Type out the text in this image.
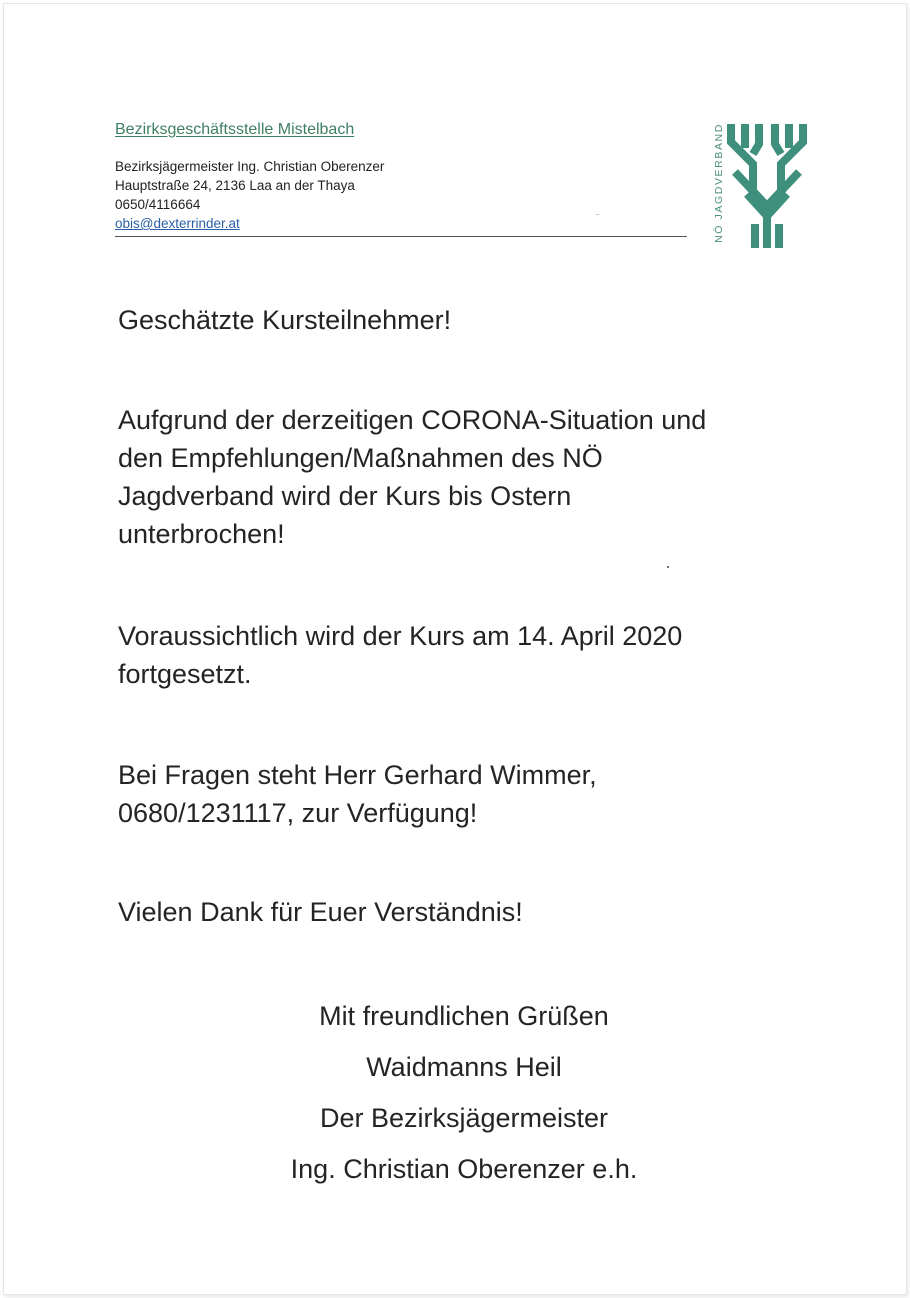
Bezirksgeschäftsstelle Mistelbach
Bezirksjägermeister Ing. Christian Oberenzer
Hauptstraße 24, 2136 Laa an der Thaya
0650/4116664
obis@dexterrinder.at	NÖ JAGDVERBAND
Geschätzte Kursteilnehmer!
Aufgrund der derzeitigen CORONA-Situation und
den Empfehlungen/Maßnahmen des NÖ
Jagdverband wird der Kurs bis Ostern
unterbrochen!
Voraussichtlich wird der Kurs am 14. April 2020
fortgesetzt.
Bei Fragen steht Herr Gerhard Wimmer,
0680/1231117, zur Verfügung!
Vielen Dank für Euer Verständnis!
Mit freundlichen Grüßen
Waidmanns Heil
Der Bezirksjägermeister
Ing. Christian Oberenzer e.h.
